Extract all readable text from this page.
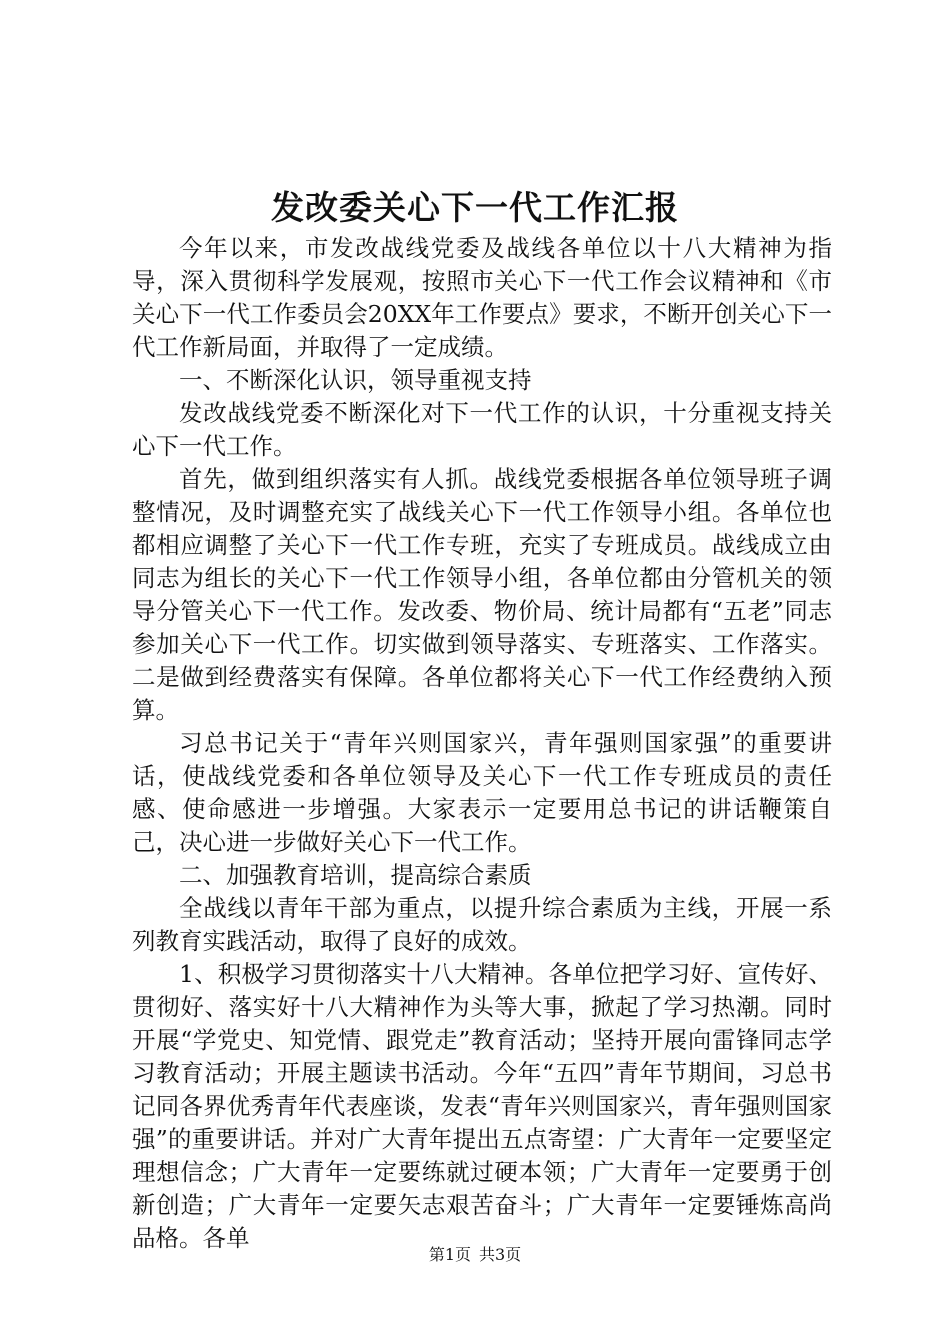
发改委关心下一代工作汇报

今年以来，市发改战线党委及战线各单位以十八大精神为指导，深入贯彻科学发展观，按照市关心下一代工作会议精神和《市关心下一代工作委员会20XX年工作要点》要求，不断开创关心下一代工作新局面，并取得了一定成绩。

一、不断深化认识，领导重视支持

发改战线党委不断深化对下一代工作的认识，十分重视支持关心下一代工作。

首先，做到组织落实有人抓。战线党委根据各单位领导班子调整情况，及时调整充实了战线关心下一代工作领导小组。各单位也都相应调整了关心下一代工作专班，充实了专班成员。战线成立由同志为组长的关心下一代工作领导小组，各单位都由分管机关的领导分管关心下一代工作。发改委、物价局、统计局都有“五老”同志参加关心下一代工作。切实做到领导落实、专班落实、工作落实。二是做到经费落实有保障。各单位都将关心下一代工作经费纳入预算。

习总书记关于“青年兴则国家兴，青年强则国家强”的重要讲话，使战线党委和各单位领导及关心下一代工作专班成员的责任感、使命感进一步增强。大家表示一定要用总书记的讲话鞭策自己，决心进一步做好关心下一代工作。

二、加强教育培训，提高综合素质

全战线以青年干部为重点，以提升综合素质为主线，开展一系列教育实践活动，取得了良好的成效。

1、积极学习贯彻落实十八大精神。各单位把学习好、宣传好、贯彻好、落实好十八大精神作为头等大事，掀起了学习热潮。同时开展“学党史、知党情、跟党走”教育活动；坚持开展向雷锋同志学习教育活动；开展主题读书活动。今年“五四”青年节期间，习总书记同各界优秀青年代表座谈，发表“青年兴则国家兴，青年强则国家强”的重要讲话。并对广大青年提出五点寄望：广大青年一定要坚定理想信念；广大青年一定要练就过硬本领；广大青年一定要勇于创新创造；广大青年一定要矢志艰苦奋斗；广大青年一定要锤炼高尚品格。各单

第1页 共3页
